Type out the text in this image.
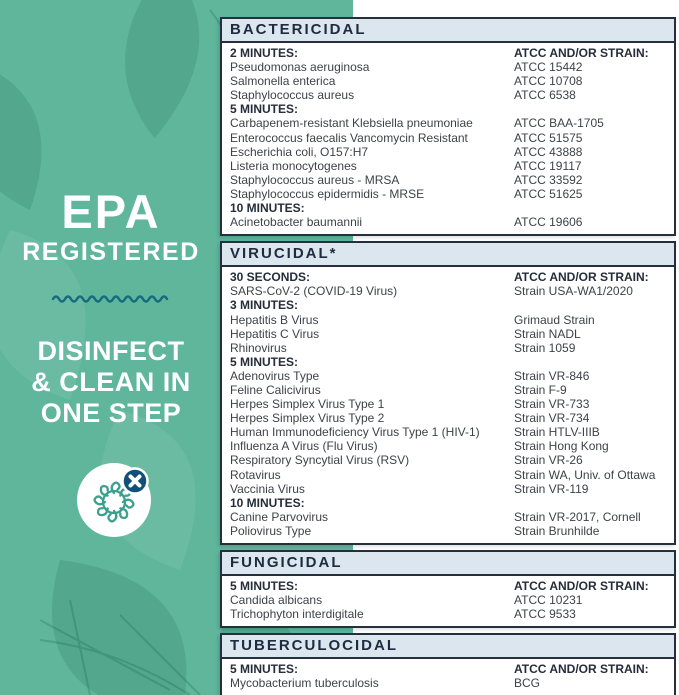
EPA
REGISTERED
DISINFECT
& CLEAN IN
ONE STEP
BACTERICIDAL
2 MINUTES:	ATCC AND/OR STRAIN:
Pseudomonas aeruginosa	ATCC 15442
Salmonella enterica	ATCC 10708
Staphylococcus aureus	ATCC 6538
5 MINUTES:
Carbapenem-resistant Klebsiella pneumoniae	ATCC BAA-1705
Enterococcus faecalis Vancomycin Resistant	ATCC 51575
Escherichia coli, O157:H7	ATCC 43888
Listeria monocytogenes	ATCC 19117
Staphylococcus aureus - MRSA	ATCC 33592
Staphylococcus epidermidis - MRSE	ATCC 51625
10 MINUTES:
Acinetobacter baumannii	ATCC 19606
VIRUCIDAL*
30 SECONDS:	ATCC AND/OR STRAIN:
SARS-CoV-2 (COVID-19 Virus)	Strain USA-WA1/2020
3 MINUTES:
Hepatitis B Virus	Grimaud Strain
Hepatitis C Virus	Strain NADL
Rhinovirus	Strain 1059
5 MINUTES:
Adenovirus Type	Strain VR-846
Feline Calicivirus	Strain F-9
Herpes Simplex Virus Type 1	Strain VR-733
Herpes Simplex Virus Type 2	Strain VR-734
Human Immunodeficiency Virus Type 1 (HIV-1)	Strain HTLV-IIIB
Influenza A Virus (Flu Virus)	Strain Hong Kong
Respiratory Syncytial Virus (RSV)	Strain VR-26
Rotavirus	Strain WA, Univ. of Ottawa
Vaccinia Virus	Strain VR-119
10 MINUTES:
Canine Parvovirus	Strain VR-2017, Cornell
Poliovirus Type	Strain Brunhilde
FUNGICIDAL
5 MINUTES:	ATCC AND/OR STRAIN:
Candida albicans	ATCC 10231
Trichophyton interdigitale	ATCC 9533
TUBERCULOCIDAL
5 MINUTES:	ATCC AND/OR STRAIN:
Mycobacterium tuberculosis	BCG
